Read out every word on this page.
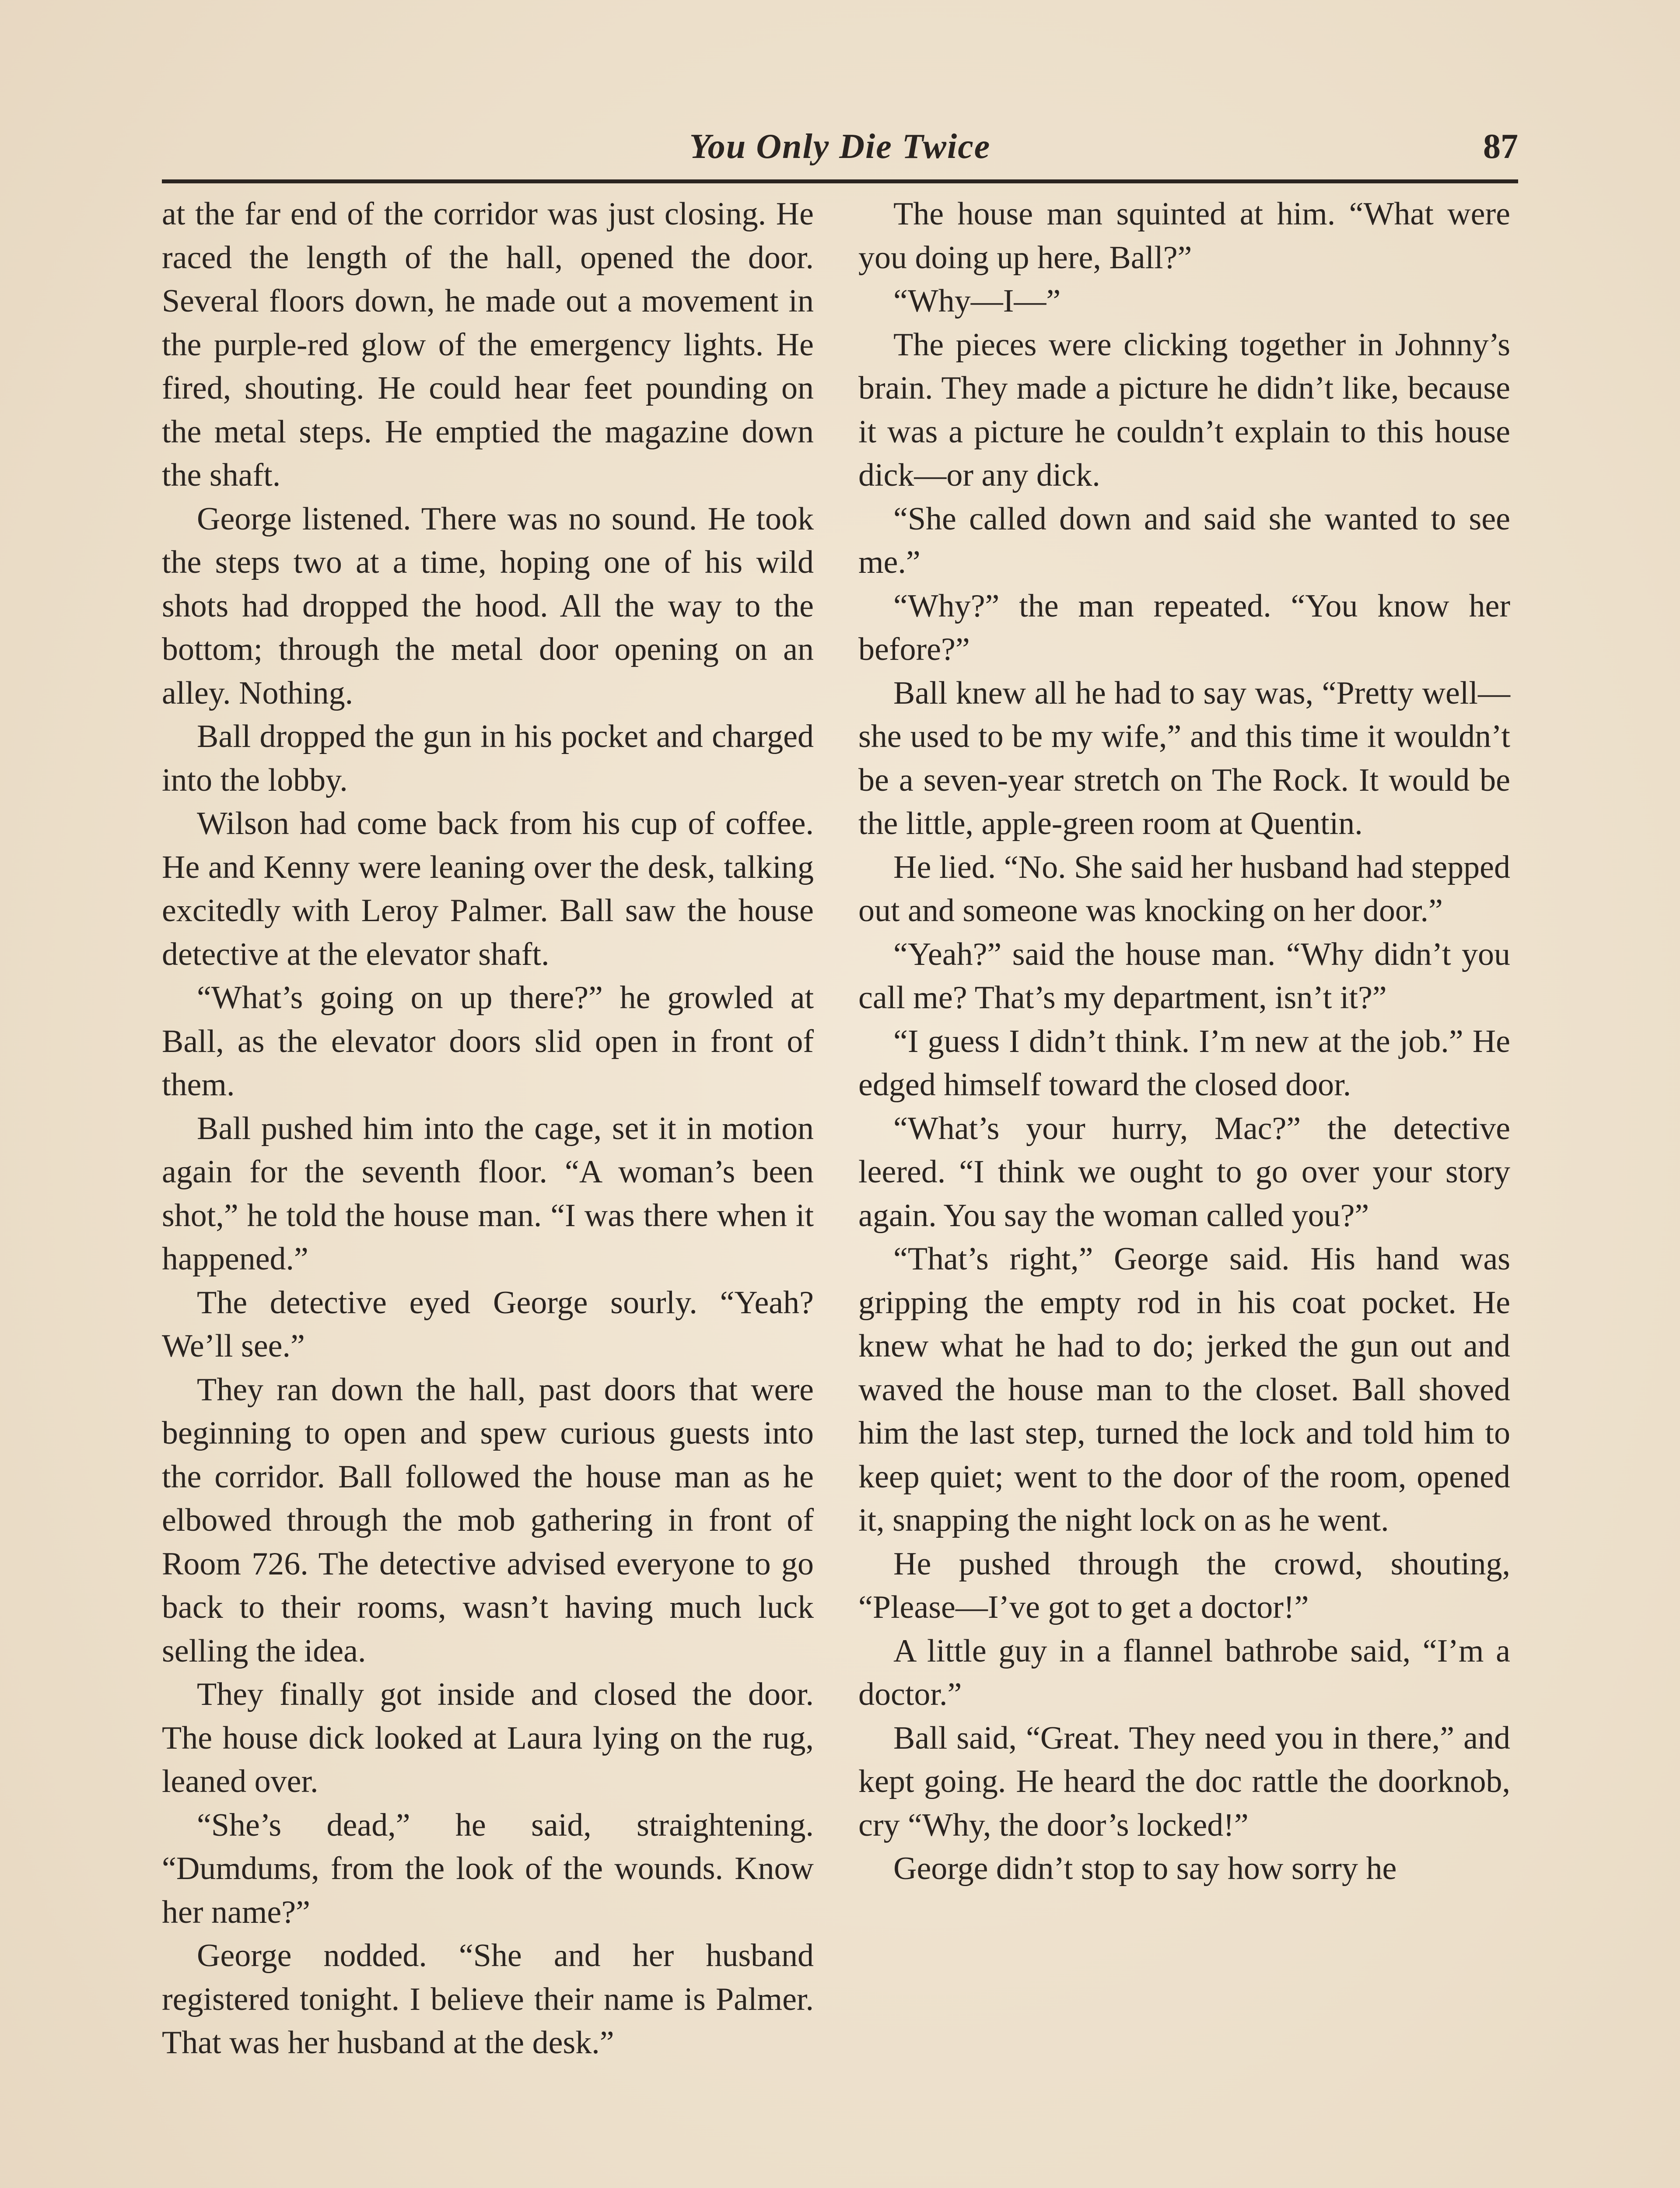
You Only Die Twice	87

at the far end of the corridor was just closing. He raced the length of the hall, opened the door. Several floors down, he made out a movement in the purple-red glow of the emergency lights. He fired, shouting. He could hear feet pounding on the metal steps. He emptied the magazine down the shaft.

George listened. There was no sound. He took the steps two at a time, hoping one of his wild shots had dropped the hood. All the way to the bottom; through the metal door opening on an alley. Nothing.

Ball dropped the gun in his pocket and charged into the lobby.

Wilson had come back from his cup of coffee. He and Kenny were leaning over the desk, talking excitedly with Leroy Palmer. Ball saw the house detective at the elevator shaft.

“What’s going on up there?” he growled at Ball, as the elevator doors slid open in front of them.

Ball pushed him into the cage, set it in motion again for the seventh floor. “A woman’s been shot,” he told the house man. “I was there when it happened.”

The detective eyed George sourly. “Yeah? We’ll see.”

They ran down the hall, past doors that were beginning to open and spew curious guests into the corridor. Ball followed the house man as he elbowed through the mob gathering in front of Room 726. The detective advised everyone to go back to their rooms, wasn’t having much luck selling the idea.

They finally got inside and closed the door. The house dick looked at Laura lying on the rug, leaned over.

“She’s dead,” he said, straightening. “Dumdums, from the look of the wounds. Know her name?”

George nodded. “She and her husband registered tonight. I believe their name is Palmer. That was her husband at the desk.”

The house man squinted at him. “What were you doing up here, Ball?”

“Why—I—”

The pieces were clicking together in Johnny’s brain. They made a picture he didn’t like, because it was a picture he couldn’t explain to this house dick—or any dick.

“She called down and said she wanted to see me.”

“Why?” the man repeated. “You know her before?”

Ball knew all he had to say was, “Pretty well—she used to be my wife,” and this time it wouldn’t be a seven-year stretch on The Rock. It would be the little, apple-green room at Quentin.

He lied. “No. She said her husband had stepped out and someone was knocking on her door.”

“Yeah?” said the house man. “Why didn’t you call me? That’s my department, isn’t it?”

“I guess I didn’t think. I’m new at the job.” He edged himself toward the closed door.

“What’s your hurry, Mac?” the detective leered. “I think we ought to go over your story again. You say the woman called you?”

“That’s right,” George said. His hand was gripping the empty rod in his coat pocket. He knew what he had to do; jerked the gun out and waved the house man to the closet. Ball shoved him the last step, turned the lock and told him to keep quiet; went to the door of the room, opened it, snapping the night lock on as he went.

He pushed through the crowd, shouting, “Please—I’ve got to get a doctor!”

A little guy in a flannel bathrobe said, “I’m a doctor.”

Ball said, “Great. They need you in there,” and kept going. He heard the doc rattle the doorknob, cry “Why, the door’s locked!”

George didn’t stop to say how sorry he
